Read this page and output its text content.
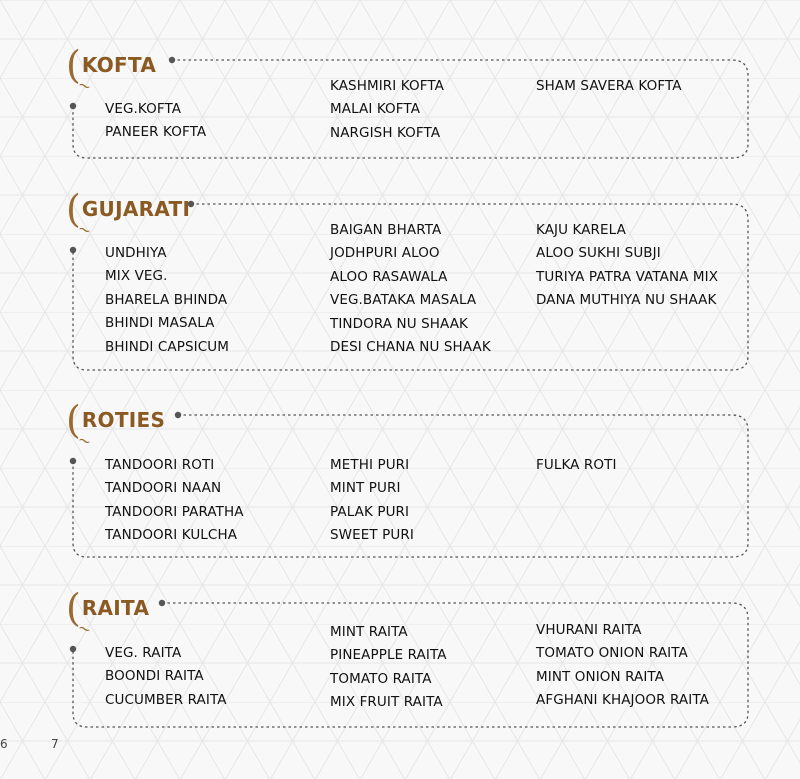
(
~
KOFTA
VEG.KOFTA
PANEER KOFTA
KASHMIRI KOFTA
MALAI KOFTA
NARGISH KOFTA
SHAM SAVERA KOFTA
(
~
GUJARATI
UNDHIYA
MIX VEG.
BHARELA BHINDA
BHINDI MASALA
BHINDI CAPSICUM
BAIGAN BHARTA
JODHPURI ALOO
ALOO RASAWALA
VEG.BATAKA MASALA
TINDORA NU SHAAK
DESI CHANA NU SHAAK
KAJU KARELA
ALOO SUKHI SUBJI
TURIYA PATRA VATANA MIX
DANA MUTHIYA NU SHAAK
(
~
ROTIES
TANDOORI ROTI
TANDOORI NAAN
TANDOORI PARATHA
TANDOORI KULCHA
METHI PURI
MINT PURI
PALAK PURI
SWEET PURI
FULKA ROTI
(
~
RAITA
VEG. RAITA
BOONDI RAITA
CUCUMBER RAITA
MINT RAITA
PINEAPPLE RAITA
TOMATO RAITA
MIX FRUIT RAITA
VHURANI RAITA
TOMATO ONION RAITA
MINT ONION RAITA
AFGHANI KHAJOOR RAITA
6	7
